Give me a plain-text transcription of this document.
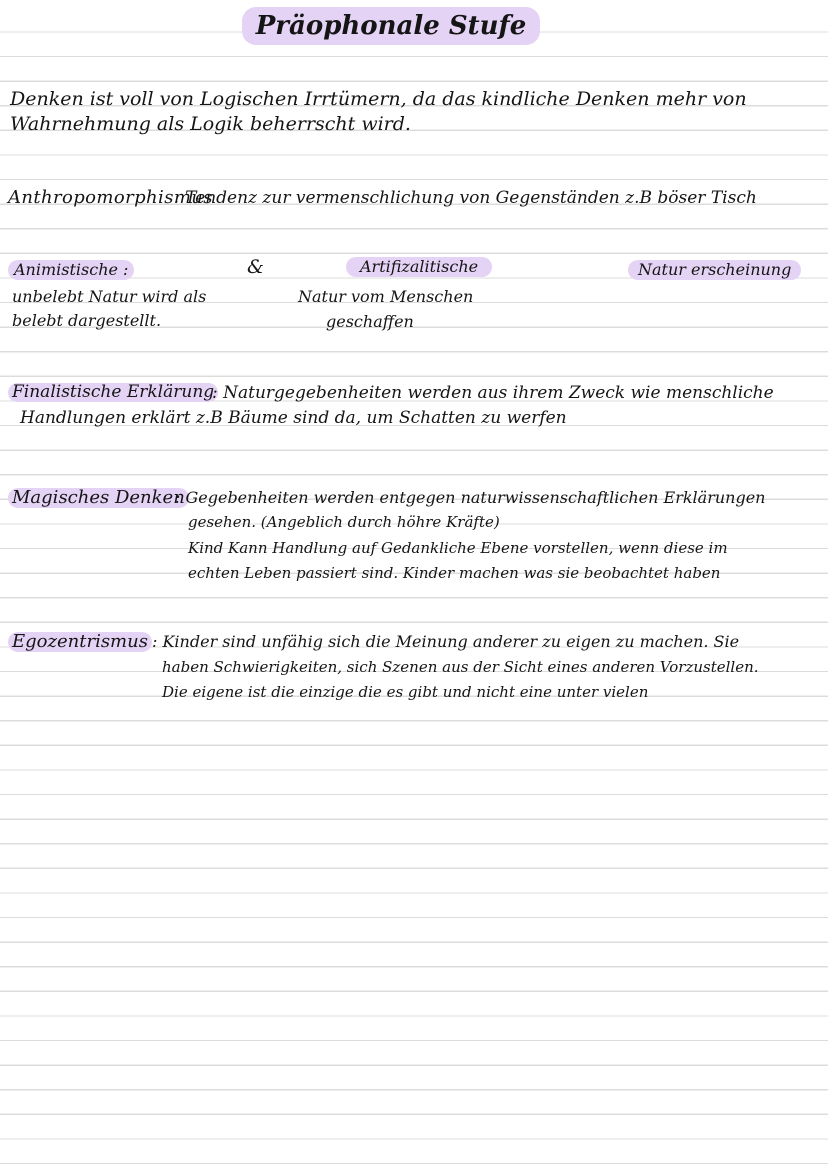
Präophonale Stufe
Denken ist voll von Logischen Irrtümern, da das kindliche Denken mehr von
Wahrnehmung als Logik beherrscht wird.
Anthropomorphismus
: Tendenz zur vermenschlichung von Gegenständen z.B böser Tisch
Animistische :
unbelebt Natur wird als
belebt dargestellt.
&	Artifizalitische
Natur vom Menschen
geschaffen
Natur erscheinung
Finalistische Erklärung
: Naturgegebenheiten werden aus ihrem Zweck wie menschliche
Handlungen erklärt z.B Bäume sind da, um Schatten zu werfen
Magisches Denken
: Gegebenheiten werden entgegen naturwissenschaftlichen Erklärungen
gesehen. (Angeblich durch höhre Kräfte)
Kind Kann Handlung auf Gedankliche Ebene vorstellen, wenn diese im
echten Leben passiert sind. Kinder machen was sie beobachtet haben
Egozentrismus : Kinder sind unfähig sich die Meinung anderer zu eigen zu machen. Sie
haben Schwierigkeiten, sich Szenen aus der Sicht eines anderen Vorzustellen.
Die eigene ist die einzige die es gibt und nicht eine unter vielen
